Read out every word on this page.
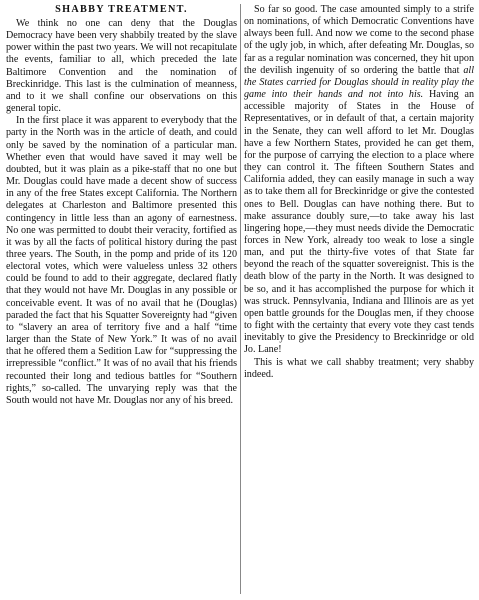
SHABBY TREATMENT.

We think no one can deny that the Douglas Democracy have been very shabbily treated by the slave power within the past two years. We will not recapitulate the events, familiar to all, which preceded the late Baltimore Convention and the nomination of Breckinridge. This last is the culmination of meanness, and to it we shall confine our observations on this general topic.

In the first place it was apparent to everybody that the party in the North was in the article of death, and could only be saved by the nomination of a particular man. Whether even that would have saved it may well be doubted, but it was plain as a pike-staff that no one but Mr. Douglas could have made a decent show of success in any of the free States except California. The Northern delegates at Charleston and Baltimore presented this contingency in little less than an agony of earnestness. No one was permitted to doubt their veracity, fortified as it was by all the facts of political history during the past three years. The South, in the pomp and pride of its 120 electoral votes, which were valueless unless 32 others could be found to add to their aggregate, declared flatly that they would not have Mr. Douglas in any possible or conceivable event. It was of no avail that he (Douglas) paraded the fact that his Squatter Sovereignty had “given to “slavery an area of territory five and a half “time larger than the State of New York.” It was of no avail that he offered them a Sedition Law for “suppressing the irrepressible “conflict.” It was of no avail that his friends recounted their long and tedious battles for “Southern rights,” so-called. The unvarying reply was that the South would not have Mr. Douglas nor any of his breed.

So far so good. The case amounted simply to a strife on nominations, of which Democratic Conventions have always been full. And now we come to the second phase of the ugly job, in which, after defeating Mr. Douglas, so far as a regular nomination was concerned, they hit upon the devilish ingenuity of so ordering the battle that all the States carried for Douglas should in reality play the game into their hands and not into his. Having an accessible majority of States in the House of Representatives, or in default of that, a certain majority in the Senate, they can well afford to let Mr. Douglas have a few Northern States, provided he can get them, for the purpose of carrying the election to a place where they can control it. The fifteen Southern States and California added, they can easily manage in such a way as to take them all for Breckinridge or give the contested ones to Bell. Douglas can have nothing there. But to make assurance doubly sure,—to take away his last lingering hope,—they must needs divide the Democratic forces in New York, already too weak to lose a single man, and put the thirty-five votes of that State far beyond the reach of the squatter sovereignist. This is the death blow of the party in the North. It was designed to be so, and it has accomplished the purpose for which it was struck. Pennsylvania, Indiana and Illinois are as yet open battle grounds for the Douglas men, if they choose to fight with the certainty that every vote they cast tends inevitably to give the Presidency to Breckinridge or old Jo. Lane!

This is what we call shabby treatment; very shabby indeed.
